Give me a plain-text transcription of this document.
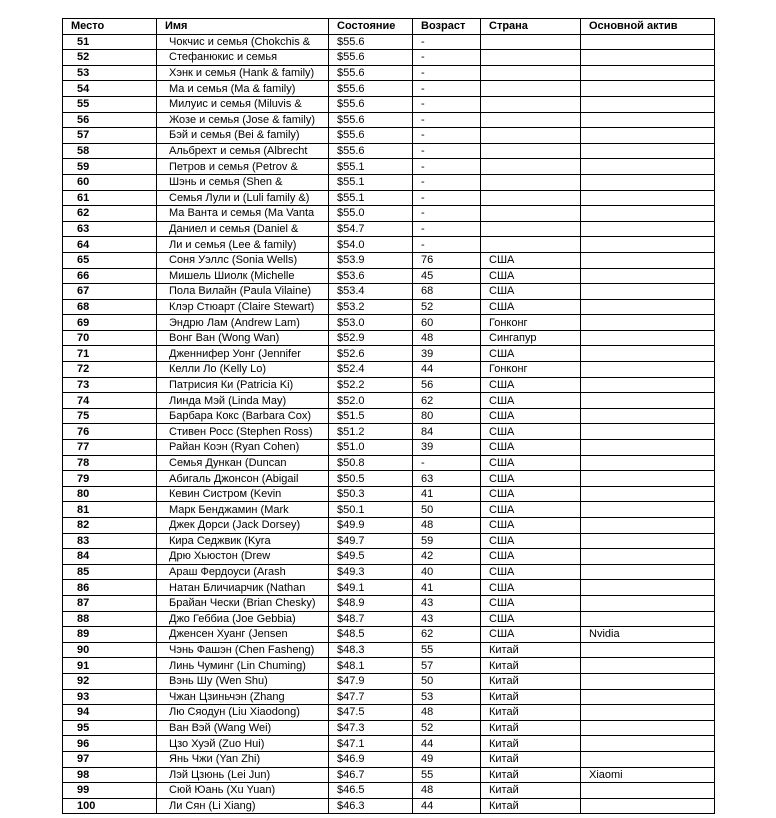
Место	Имя	Состояние	Возраст	Страна	Основной актив
51	Чокчис и семья (Chokchis &	$55.6	-		
52	Стефанюкис и семья	$55.6	-		
53	Хэнк и семья (Hank & family)	$55.6	-		
54	Ма и семья (Ma & family)	$55.6	-		
55	Милуис и семья (Miluvis &	$55.6	-		
56	Жозе и семья (Jose & family)	$55.6	-		
57	Бэй и семья (Bei & family)	$55.6	-		
58	Альбрехт и семья (Albrecht	$55.6	-		
59	Петров и семья (Petrov &	$55.1	-		
60	Шэнь и семья (Shen &	$55.1	-		
61	Семья Лули и (Luli family &)	$55.1	-		
62	Ма Ванта и семья (Ma Vanta	$55.0	-		
63	Даниел и семья (Daniel &	$54.7	-		
64	Ли и семья (Lee & family)	$54.0	-		
65	Соня Уэллс (Sonia Wells)	$53.9	76	США	
66	Мишель Шиолк (Michelle	$53.6	45	США	
67	Пола Вилайн (Paula Vilaine)	$53.4	68	США	
68	Клэр Стюарт (Claire Stewart)	$53.2	52	США	
69	Эндрю Лам (Andrew Lam)	$53.0	60	Гонконг	
70	Вонг Ван (Wong Wan)	$52.9	48	Сингапур	
71	Дженнифер Уонг (Jennifer	$52.6	39	США	
72	Келли Ло (Kelly Lo)	$52.4	44	Гонконг	
73	Патрисия Ки (Patricia Ki)	$52.2	56	США	
74	Линда Мэй (Linda May)	$52.0	62	США	
75	Барбара Кокс (Barbara Cox)	$51.5	80	США	
76	Стивен Росс (Stephen Ross)	$51.2	84	США	
77	Райан Коэн (Ryan Cohen)	$51.0	39	США	
78	Семья Дункан (Duncan	$50.8	-	США	
79	Абигаль Джонсон (Abigail	$50.5	63	США	
80	Кевин Систром (Kevin	$50.3	41	США	
81	Марк Бенджамин (Mark	$50.1	50	США	
82	Джек Дорси (Jack Dorsey)	$49.9	48	США	
83	Кира Седжвик (Kyra	$49.7	59	США	
84	Дрю Хьюстон (Drew	$49.5	42	США	
85	Араш Фердоуси (Arash	$49.3	40	США	
86	Натан Бличиарчик (Nathan	$49.1	41	США	
87	Брайан Чески (Brian Chesky)	$48.9	43	США	
88	Джо Геббиа (Joe Gebbia)	$48.7	43	США	
89	Дженсен Хуанг (Jensen	$48.5	62	США	Nvidia
90	Чэнь Фашэн (Chen Fasheng)	$48.3	55	Китай	
91	Линь Чуминг (Lin Chuming)	$48.1	57	Китай	
92	Вэнь Шу (Wen Shu)	$47.9	50	Китай	
93	Чжан Цзиньчэн (Zhang	$47.7	53	Китай	
94	Лю Сяодун (Liu Xiaodong)	$47.5	48	Китай	
95	Ван Вэй (Wang Wei)	$47.3	52	Китай	
96	Цзо Хуэй (Zuo Hui)	$47.1	44	Китай	
97	Янь Чжи (Yan Zhi)	$46.9	49	Китай	
98	Лэй Цзюнь (Lei Jun)	$46.7	55	Китай	Xiaomi
99	Сюй Юань (Xu Yuan)	$46.5	48	Китай	
100	Ли Сян (Li Xiang)	$46.3	44	Китай	
